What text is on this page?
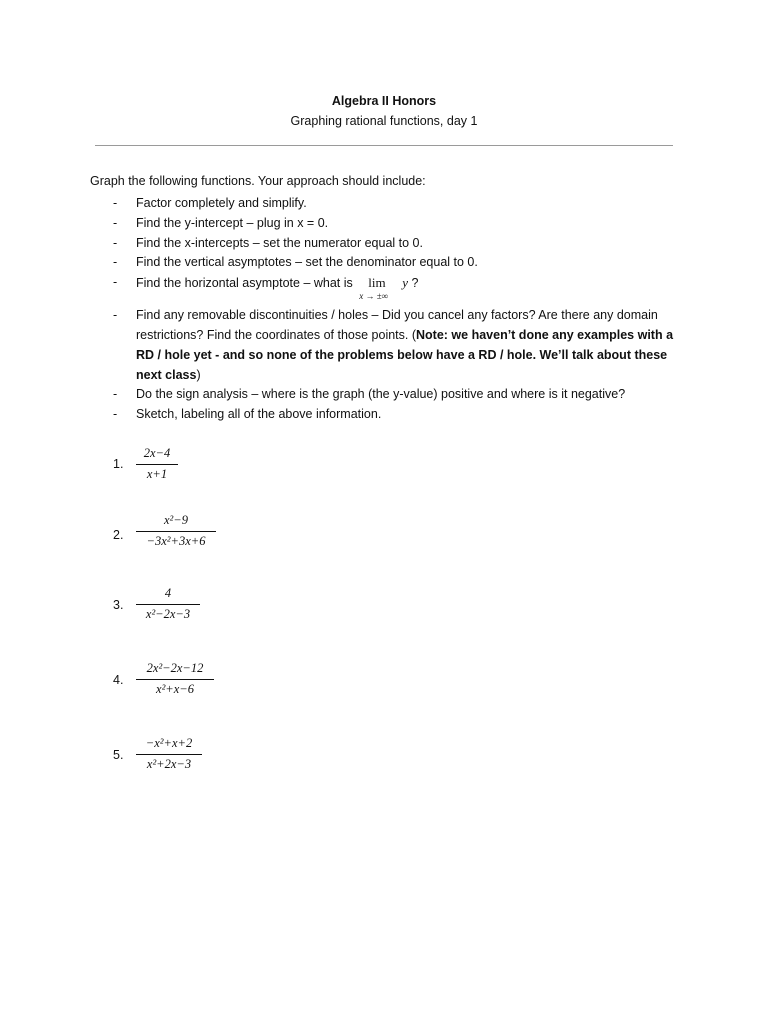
Algebra II Honors
Graphing rational functions, day 1
Graph the following functions. Your approach should include:
- Factor completely and simplify.
- Find the y-intercept – plug in x = 0.
- Find the x-intercepts – set the numerator equal to 0.
- Find the vertical asymptotes – set the denominator equal to 0.
- Find the horizontal asymptote – what is lim
x → ±∞
y ?
- Find any removable discontinuities / holes – Did you cancel any factors? Are there any domain restrictions? Find the coordinates of those points. (Note: we haven’t done any examples with a RD / hole yet - and so none of the problems below have a RD / hole. We’ll talk about these next class)
- Do the sign analysis – where is the graph (the y-value) positive and where is it negative?
- Sketch, labeling all of the above information.
1.
2x−4
x+1
2.
x²−9
−3x²+3x+6
3.
4
x²−2x−3
4.
2x²−2x−12
x²+x−6
5.
−x²+x+2
x²+2x−3
